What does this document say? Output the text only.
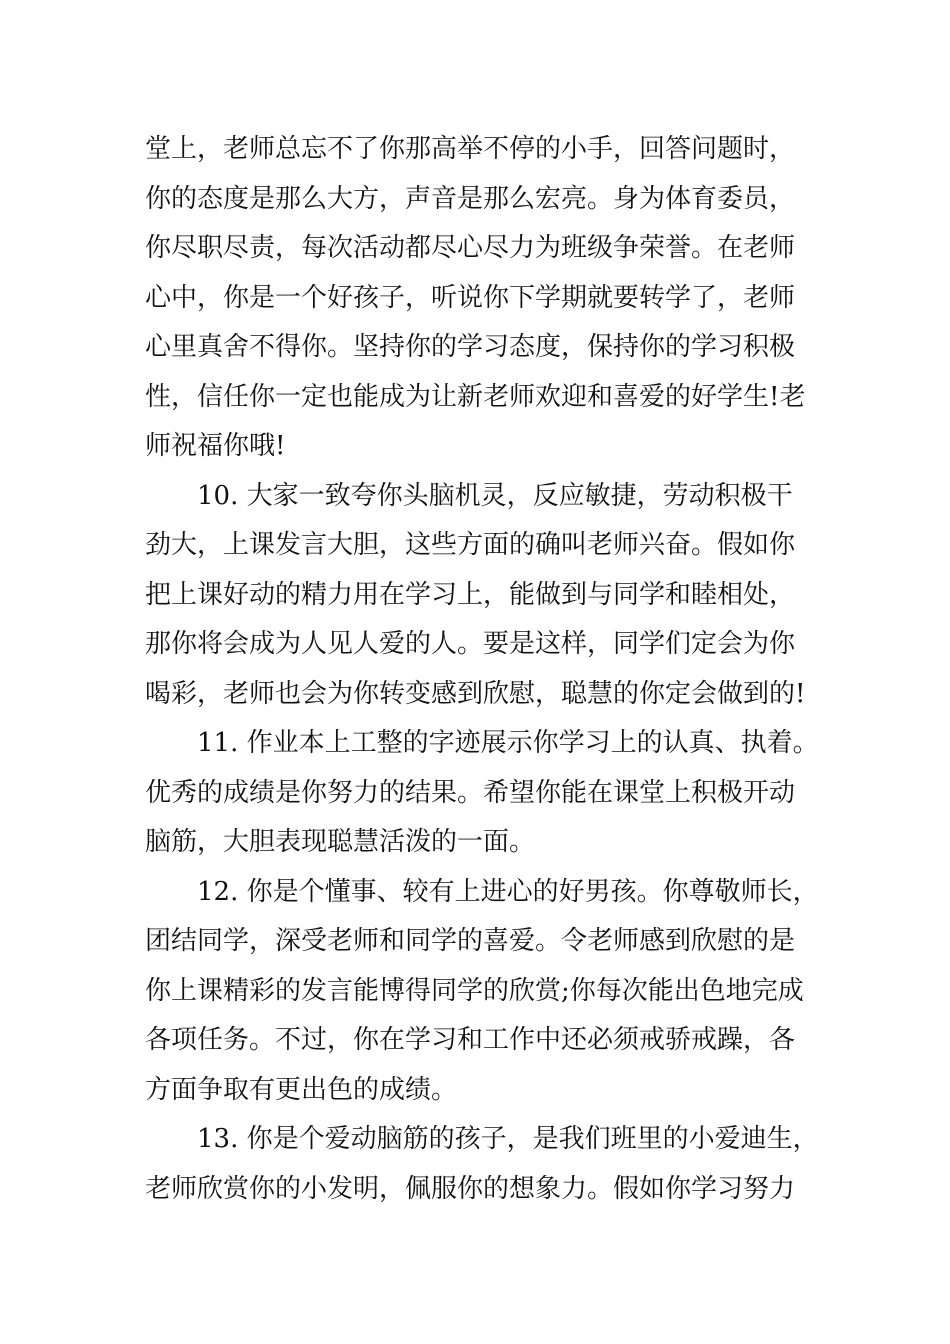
堂上，老师总忘不了你那高举不停的小手，回答问题时，
你的态度是那么大方，声音是那么宏亮。身为体育委员，
你尽职尽责，每次活动都尽心尽力为班级争荣誉。在老师
心中，你是一个好孩子，听说你下学期就要转学了，老师
心里真舍不得你。坚持你的学习态度，保持你的学习积极
性，信任你一定也能成为让新老师欢迎和喜爱的好学生!老
师祝福你哦!
10. 大家一致夸你头脑机灵，反应敏捷，劳动积极干
劲大，上课发言大胆，这些方面的确叫老师兴奋。假如你
把上课好动的精力用在学习上，能做到与同学和睦相处，
那你将会成为人见人爱的人。要是这样，同学们定会为你
喝彩，老师也会为你转变感到欣慰，聪慧的你定会做到的!
11. 作业本上工整的字迹展示你学习上的认真、执着。
优秀的成绩是你努力的结果。希望你能在课堂上积极开动
脑筋，大胆表现聪慧活泼的一面。
12. 你是个懂事、较有上进心的好男孩。你尊敬师长，
团结同学，深受老师和同学的喜爱。令老师感到欣慰的是
你上课精彩的发言能博得同学的欣赏;你每次能出色地完成
各项任务。不过，你在学习和工作中还必须戒骄戒躁，各
方面争取有更出色的成绩。
13. 你是个爱动脑筋的孩子，是我们班里的小爱迪生，
老师欣赏你的小发明，佩服你的想象力。假如你学习努力
